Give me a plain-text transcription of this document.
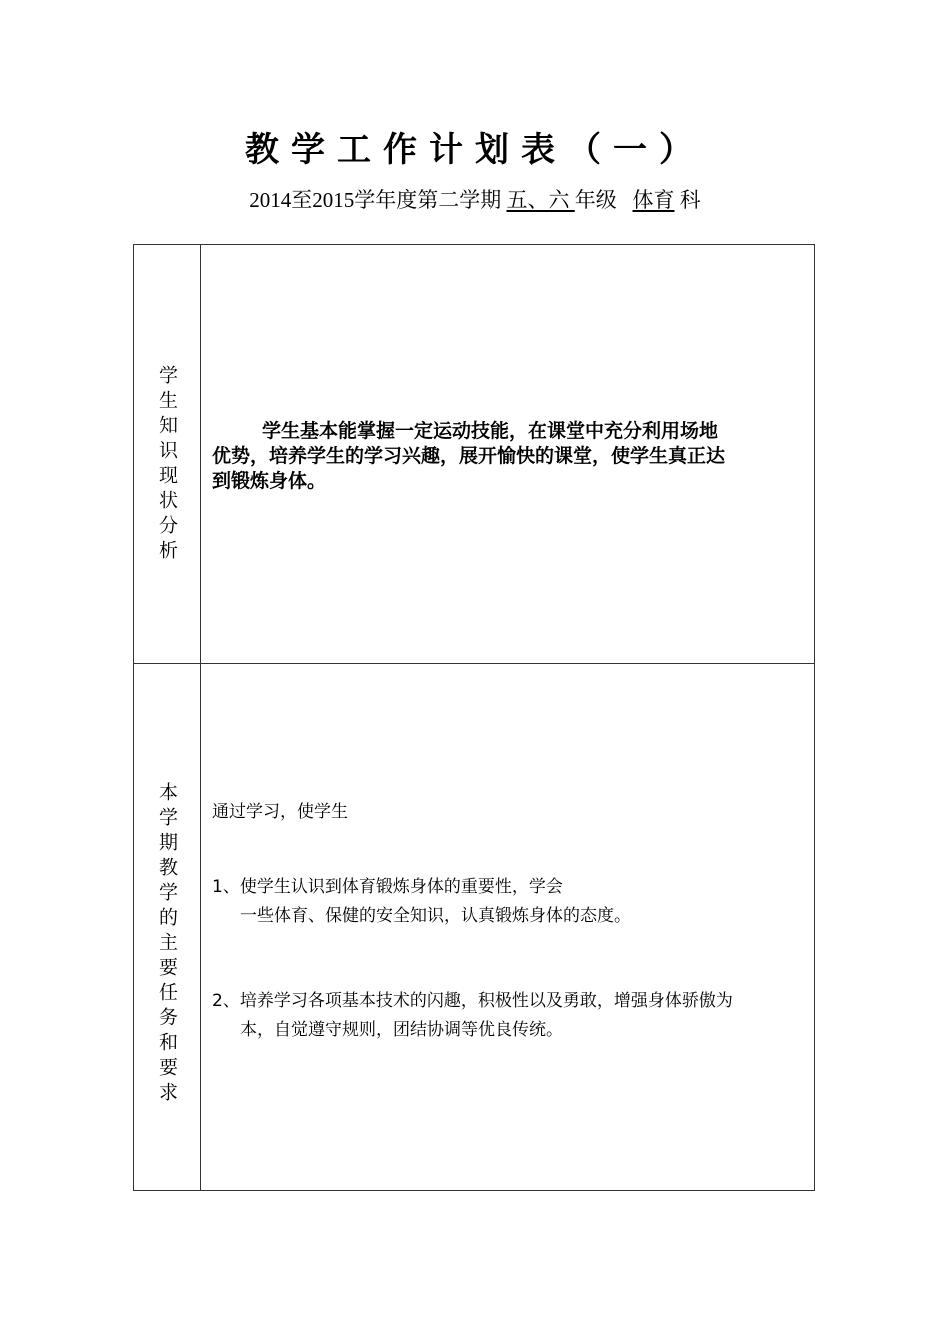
教学工作计划表（一）
2014至2015学年度第二学期 五、六 年级 体育 科
学生知识现状分析	学生基本能掌握一定运动技能，在课堂中充分利用场地优势，培养学生的学习兴趣，展开愉快的课堂，使学生真正达到锻炼身体。
本学期教学的主要任务和要求 通过学习，使学生
1、使学生认识到体育锻炼身体的重要性，学会
一些体育、保健的安全知识，认真锻炼身体的态度。
2、培养学习各项基本技术的闪趣，积极性以及勇敢，增强身体骄傲为
本，自觉遵守规则，团结协调等优良传统。
